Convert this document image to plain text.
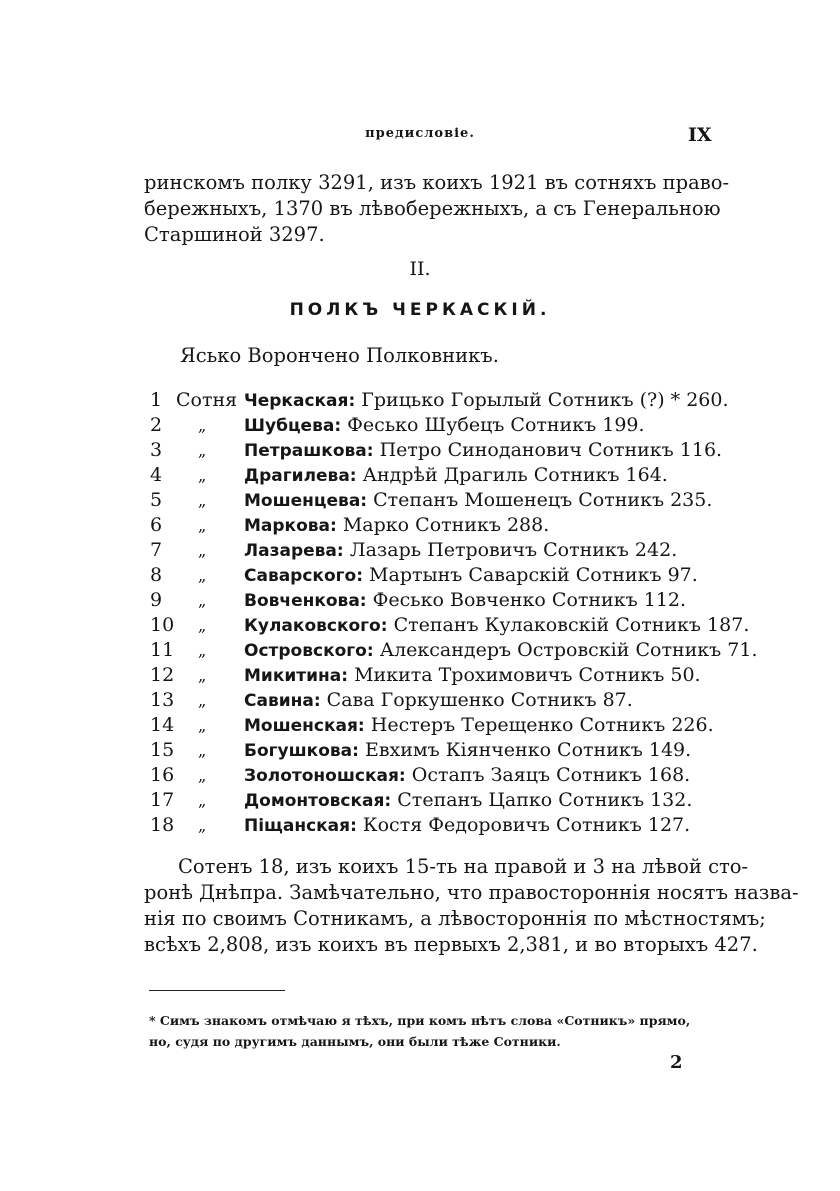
предисловіе.	IX

ринскомъ полку 3291, изъ коихъ 1921 въ сотняхъ право-
бережныхъ, 1370 въ лѣвобережныхъ, а съ Генеральною
Старшиной 3297.

II.
ПОЛКЪ ЧЕРКАСКІЙ.
Ясько Ворончено Полковникъ.
1 Сотня Черкаская: Грицько Горылый Сотникъ (?) * 260.
2	„ Шубцева: Фесько Шубецъ Сотникъ 199.
3	„ Петрашкова: Петро Синоданович Сотникъ 116.
4	„ Драгилева: Андрѣй Драгиль Сотникъ 164.
5	„ Мошенцева: Степанъ Мошенецъ Сотникъ 235.
6	„ Маркова: Марко Сотникъ 288.
7	„ Лазарева: Лазарь Петровичъ Сотникъ 242.
8	„ Саварского: Мартынъ Саварскій Сотникъ 97.
9	„ Вовченкова: Фесько Вовченко Сотникъ 112.
10 „ Кулаковского: Степанъ Кулаковскій Сотникъ 187.
11 „ Островского: Александеръ Островскій Сотникъ 71.
12 „ Микитина: Микита Трохимовичъ Сотникъ 50.
13 „ Савина: Сава Горкушенко Сотникъ 87.
14 „ Мошенская: Нестеръ Терещенко Сотникъ 226.
15 „ Богушкова: Евхимъ Кіянченко Сотникъ 149.
16 „ Золотоношская: Остапъ Заяцъ Сотникъ 168.
17 „ Домонтовская: Степанъ Цапко Сотникъ 132.
18 „ Піщанская: Костя Федоровичъ Сотникъ 127.

Сотенъ 18, изъ коихъ 15-ть на правой и 3 на лѣвой сто-
ронѣ Днѣпра. Замѣчательно, что правостороннія носятъ назва-
нія по своимъ Сотникамъ, а лѣвостороннія по мѣстностямъ;
всѣхъ 2,808, изъ коихъ въ первыхъ 2,381, и во вторыхъ 427.

* Симъ знакомъ отмѣчаю я тѣхъ, при комъ нѣтъ слова «Сотникъ» прямо,
но, судя по другимъ даннымъ, они были тѣже Сотники.

2
